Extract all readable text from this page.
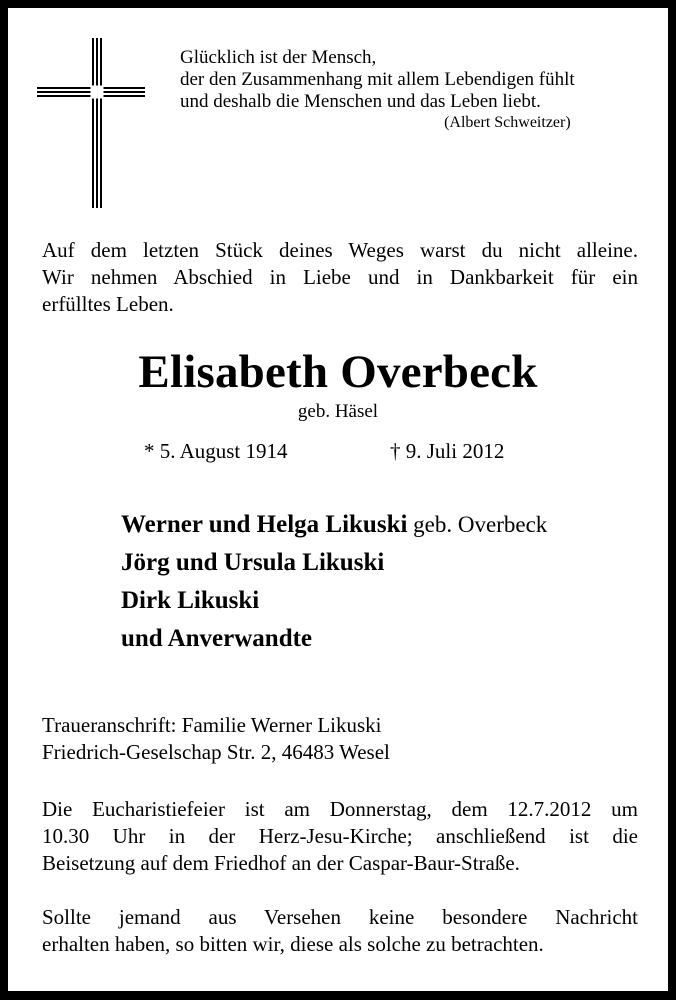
Glücklich ist der Mensch,
der den Zusammenhang mit allem Lebendigen fühlt
und deshalb die Menschen und das Leben liebt.
(Albert Schweitzer)
Auf dem letzten Stück deines Weges warst du nicht alleine.
Wir nehmen Abschied in Liebe und in Dankbarkeit für ein
erfülltes Leben.
Elisabeth Overbeck
geb. Häsel
* 5. August 1914	† 9. Juli 2012
Werner und Helga Likuski geb. Overbeck
Jörg und Ursula Likuski
Dirk Likuski
und Anverwandte
Traueranschrift: Familie Werner Likuski
Friedrich-Geselschap Str. 2, 46483 Wesel
Die Eucharistiefeier ist am Donnerstag, dem 12.7.2012 um
10.30 Uhr in der Herz-Jesu-Kirche; anschließend ist die
Beisetzung auf dem Friedhof an der Caspar-Baur-Straße.
Sollte jemand aus Versehen keine besondere Nachricht
erhalten haben, so bitten wir, diese als solche zu betrachten.
